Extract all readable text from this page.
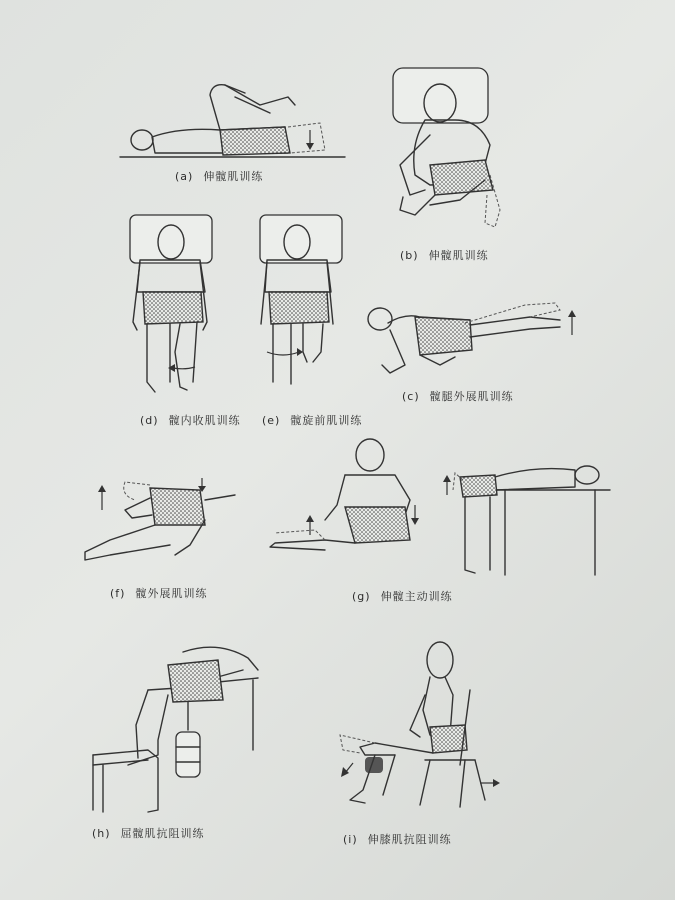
(a) 伸髋肌训练
(b) 伸髋肌训练
(d) 髋内收肌训练 (e) 髋旋前肌训练
(c) 髋腿外展肌训练
(f) 髋外展肌训练	(g) 伸髋主动训练
(h) 屈髋肌抗阻训练	(i) 伸膝肌抗阻训练
